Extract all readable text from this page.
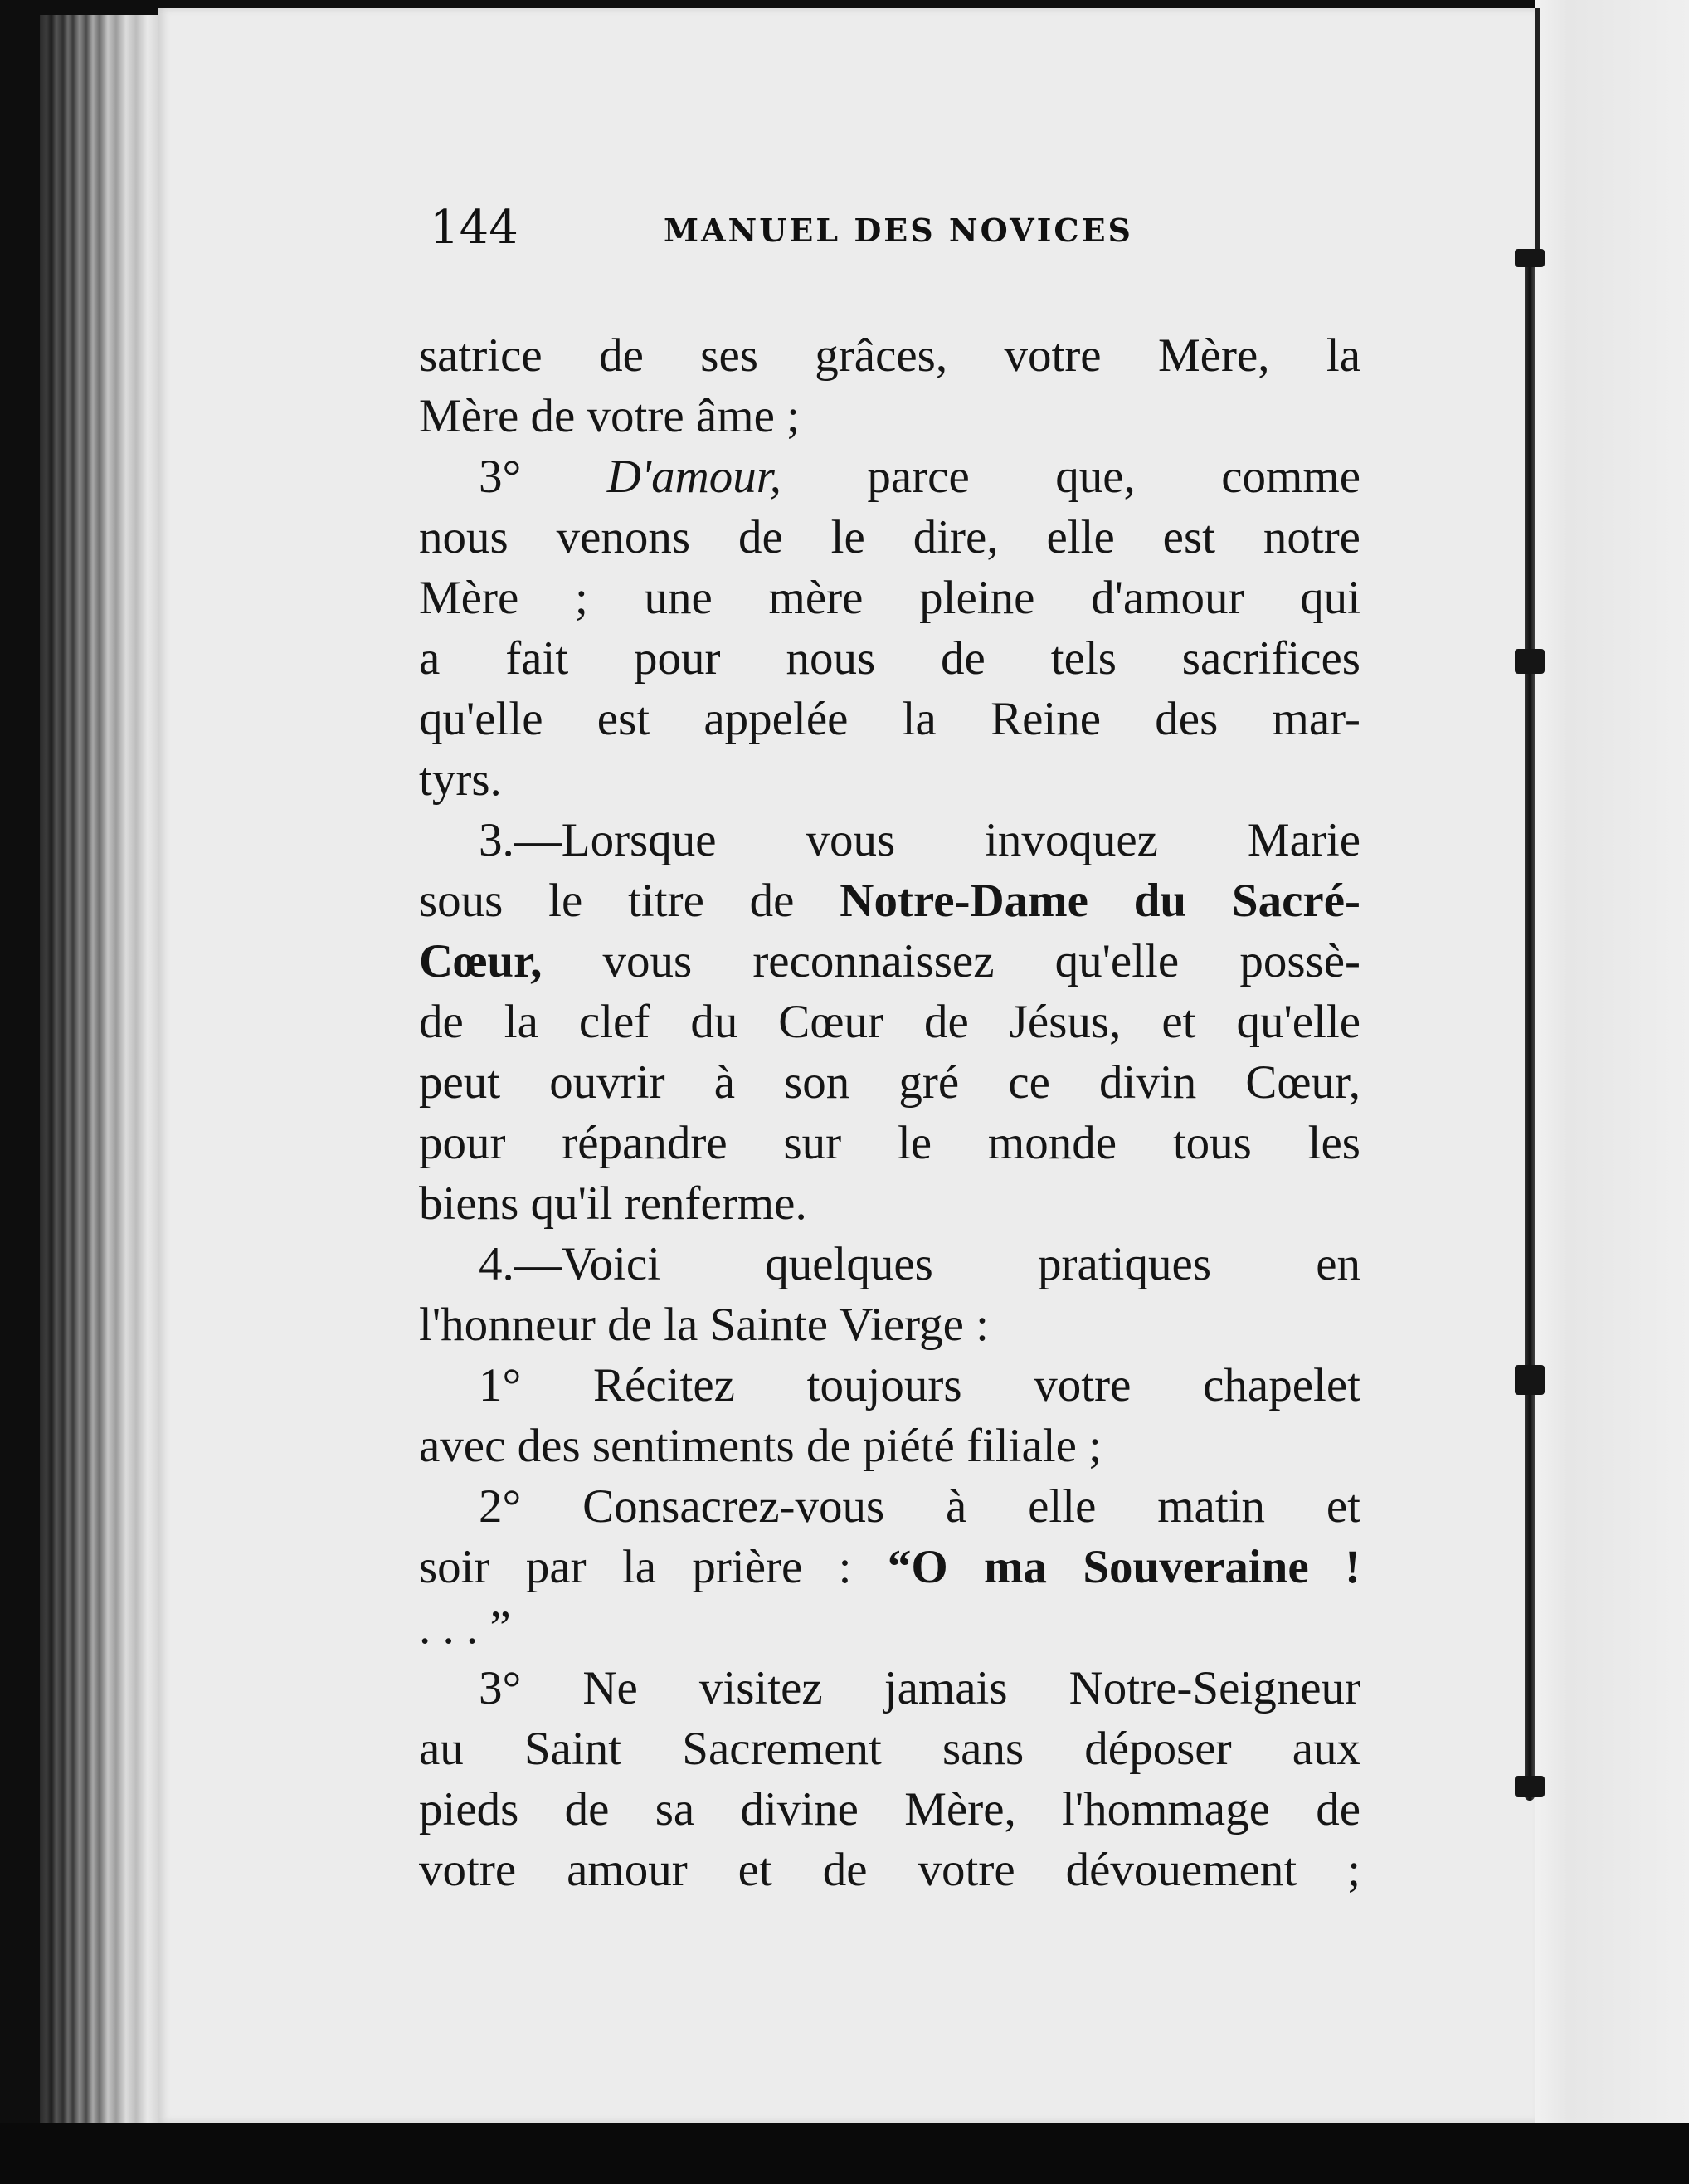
144	MANUEL DES NOVICES
satrice de ses grâces, votre Mère, la
Mère de votre âme ;
3° D'amour, parce que, comme
nous venons de le dire, elle est notre
Mère ; une mère pleine d'amour qui
a fait pour nous de tels sacrifices
qu'elle est appelée la Reine des mar-
tyrs.
3.—Lorsque vous invoquez Marie
sous le titre de Notre-Dame du Sacré-
Cœur, vous reconnaissez qu'elle possè-
de la clef du Cœur de Jésus, et qu'elle
peut ouvrir à son gré ce divin Cœur,
pour répandre sur le monde tous les
biens qu'il renferme.
4.—Voici quelques pratiques en
l'honneur de la Sainte Vierge :
1° Récitez toujours votre chapelet
avec des sentiments de piété filiale ;
2° Consacrez-vous à elle matin et
soir par la prière : “O ma Souveraine !
. . . ”
3° Ne visitez jamais Notre-Seigneur
au Saint Sacrement sans déposer aux
pieds de sa divine Mère, l'hommage de
votre amour et de votre dévouement ;
